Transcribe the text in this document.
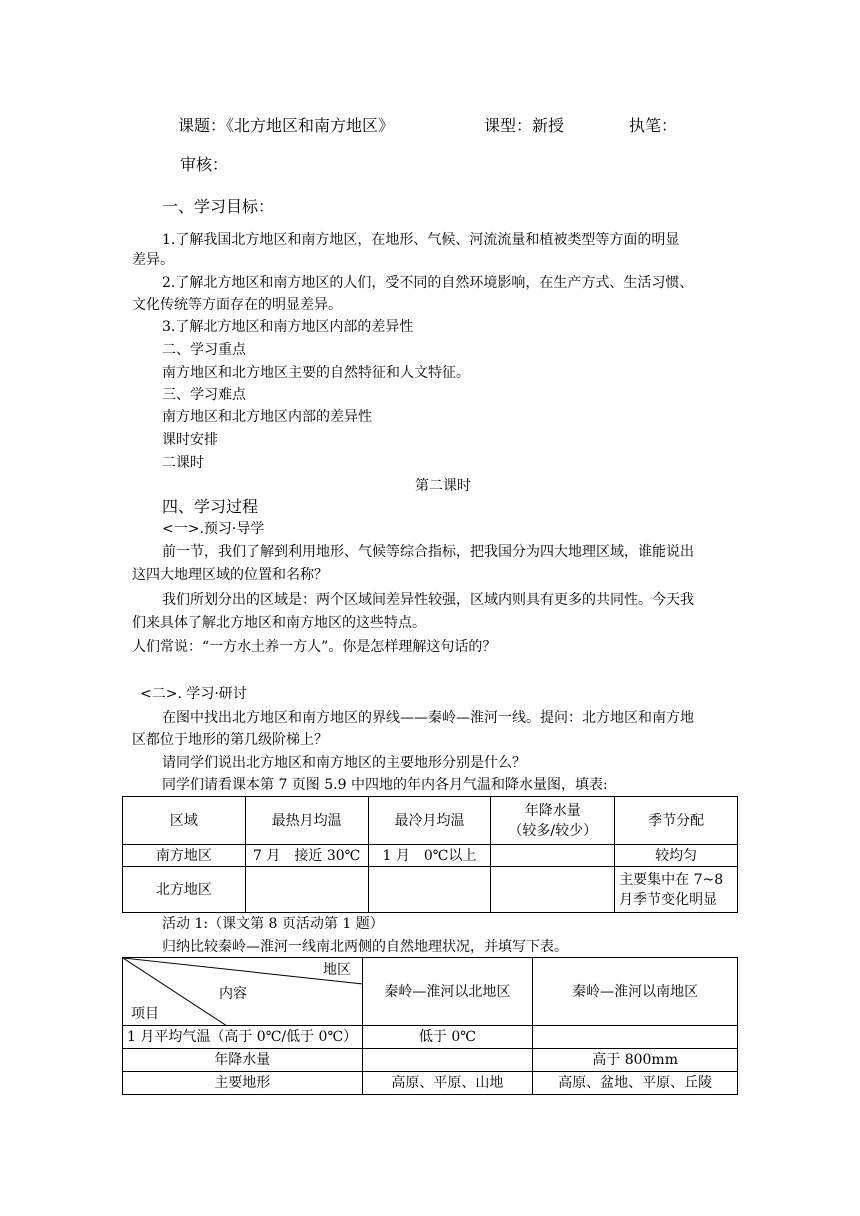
课题：《北方地区和南方地区》	课型：新授	执笔：
审核：
一、学习目标：
1.了解我国北方地区和南方地区，在地形、气候、河流流量和植被类型等方面的明显
差异。
2.了解北方地区和南方地区的人们，受不同的自然环境影响，在生产方式、生活习惯、
文化传统等方面存在的明显差异。
3.了解北方地区和南方地区内部的差异性
二、学习重点
南方地区和北方地区主要的自然特征和人文特征。
三、学习难点
南方地区和北方地区内部的差异性
课时安排
二课时
第二课时
四、学习过程
<一>.预习·导学
前一节，我们了解到利用地形、气候等综合指标，把我国分为四大地理区域，谁能说出
这四大地理区域的位置和名称？
我们所划分出的区域是：两个区域间差异性较强，区域内则具有更多的共同性。今天我
们来具体了解北方地区和南方地区的这些特点。
人们常说：“一方水土养一方人”。你是怎样理解这句话的？
<二>. 学习·研讨
在图中找出北方地区和南方地区的界线——秦岭—淮河一线。提问：北方地区和南方地
区都位于地形的第几级阶梯上？
请同学们说出北方地区和南方地区的主要地形分别是什么？
同学们请看课本第 7 页图 5.9 中四地的年内各月气温和降水量图，填表:
区域	最热月均温	最冷月均温	年降水量
（较多/较少）	季节分配
南方地区	7 月　接近 30℃	1 月　0℃以上		较均匀
北方地区				主要集中在 7~8 月季节变化明显
活动 1:（课文第 8 页活动第 1 题）
归纳比较秦岭—淮河一线南北两侧的自然地理状况，并填写下表。
地区
内容
项目	秦岭—淮河以北地区	秦岭—淮河以南地区
1 月平均气温（高于 0℃/低于 0℃）	低于 0℃	
年降水量		高于 800mm
主要地形	高原、平原、山地	高原、盆地、平原、丘陵
